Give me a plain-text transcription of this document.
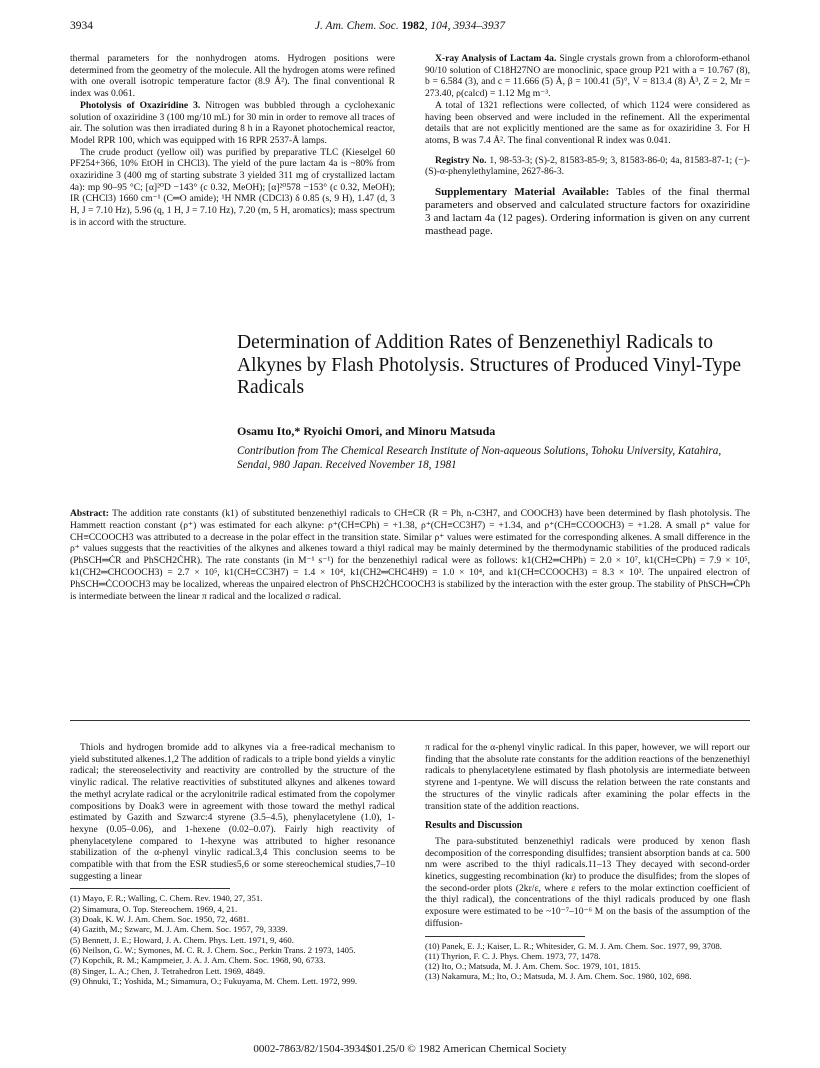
3934	J. Am. Chem. Soc. 1982, 104, 3934–3937

thermal parameters for the nonhydrogen atoms. Hydrogen positions were determined from the geometry of the molecule. All the hydrogen atoms were refined with one overall isotropic temperature factor (8.9 Å²). The final conventional R index was 0.061.

Photolysis of Oxaziridine 3. Nitrogen was bubbled through a cyclohexanic solution of oxaziridine 3 (100 mg/10 mL) for 30 min in order to remove all traces of air. The solution was then irradiated during 8 h in a Rayonet photochemical reactor, Model RPR 100, which was equipped with 16 RPR 2537-Å lamps.

The crude product (yellow oil) was purified by preparative TLC (Kieselgel 60 PF254+366, 10% EtOH in CHCl3). The yield of the pure lactam 4a is ~80% from oxaziridine 3 (400 mg of starting substrate 3 yielded 311 mg of crystallized lactam 4a): mp 90–95 °C; [α]²⁰D −143° (c 0.32, MeOH); [α]²⁰578 −153° (c 0.32, MeOH); IR (CHCl3) 1660 cm⁻¹ (C═O amide); ¹H NMR (CDCl3) δ 0.85 (s, 9 H), 1.47 (d, 3 H, J = 7.10 Hz), 5.96 (q, 1 H, J = 7.10 Hz), 7.20 (m, 5 H, aromatics); mass spectrum is in accord with the structure.

X-ray Analysis of Lactam 4a. Single crystals grown from a chloroform-ethanol 90/10 solution of C18H27NO are monoclinic, space group P21 with a = 10.767 (8), b = 6.584 (3), and c = 11.666 (5) Å, β = 100.41 (5)°, V = 813.4 (8) Å³, Z = 2, Mr = 273.40, ρ(calcd) = 1.12 Mg m⁻³.

A total of 1321 reflections were collected, of which 1124 were considered as having been observed and were included in the refinement. All the experimental details that are not explicitly mentioned are the same as for oxaziridine 3. For H atoms, B was 7.4 Å². The final conventional R index was 0.041.

Registry No. 1, 98-53-3; (S)-2, 81583-85-9; 3, 81583-86-0; 4a, 81583-87-1; (−)-(S)-α-phenylethylamine, 2627-86-3.

Supplementary Material Available: Tables of the final thermal parameters and observed and calculated structure factors for oxaziridine 3 and lactam 4a (12 pages). Ordering information is given on any current masthead page.

Determination of Addition Rates of Benzenethiyl Radicals to Alkynes by Flash Photolysis. Structures of Produced Vinyl-Type Radicals
Osamu Ito,* Ryoichi Omori, and Minoru Matsuda
Contribution from The Chemical Research Institute of Non-aqueous Solutions, Tohoku University, Katahira, Sendai, 980 Japan. Received November 18, 1981
Abstract: The addition rate constants (k1) of substituted benzenethiyl radicals to CH≡CR (R = Ph, n-C3H7, and COOCH3) have been determined by flash photolysis. The Hammett reaction constant (ρ⁺) was estimated for each alkyne: ρ⁺(CH≡CPh) = +1.38, ρ⁺(CH≡CC3H7) = +1.34, and ρ⁺(CH≡CCOOCH3) = +1.28. A small ρ⁺ value for CH≡CCOOCH3 was attributed to a decrease in the polar effect in the transition state. Similar ρ⁺ values were estimated for the corresponding alkenes. A small difference in the ρ⁺ values suggests that the reactivities of the alkynes and alkenes toward a thiyl radical may be mainly determined by the thermodynamic stabilities of the produced radicals (PhSCH═ĊR and PhSCH2ĊHR). The rate constants (in M⁻¹ s⁻¹) for the benzenethiyl radical were as follows: k1(CH2═CHPh) = 2.0 × 10⁷, k1(CH≡CPh) = 7.9 × 10⁵, k1(CH2═CHCOOCH3) = 2.7 × 10⁵, k1(CH≡CC3H7) = 1.4 × 10⁴, k1(CH2═CHC4H9) = 1.0 × 10⁴, and k1(CH≡CCOOCH3) = 8.3 × 10³. The unpaired electron of PhSCH═ĊCOOCH3 may be localized, whereas the unpaired electron of PhSCH2ĊHCOOCH3 is stabilized by the interaction with the ester group. The stability of PhSCH═ĊPh is intermediate between the linear π radical and the localized σ radical.

Thiols and hydrogen bromide add to alkynes via a free-radical mechanism to yield substituted alkenes.1,2 The addition of radicals to a triple bond yields a vinylic radical; the stereoselectivity and reactivity are controlled by the structure of the vinylic radical. The relative reactivities of substituted alkynes and alkenes toward the methyl acrylate radical or the acrylonitrile radical estimated from the copolymer compositions by Doak3 were in agreement with those toward the methyl radical estimated by Gazith and Szwarc:4 styrene (3.5–4.5), phenylacetylene (1.0), 1-hexyne (0.05–0.06), and 1-hexene (0.02–0.07). Fairly high reactivity of phenylacetylene compared to 1-hexyne was attributed to higher resonance stabilization of the α-phenyl vinylic radical.3,4 This conclusion seems to be compatible with that from the ESR studies5,6 or some stereochemical studies,7–10 suggesting a linear

(1) Mayo, F. R.; Walling, C. Chem. Rev. 1940, 27, 351.
(2) Simamura, O. Top. Stereochem. 1969, 4, 21.
(3) Doak, K. W. J. Am. Chem. Soc. 1950, 72, 4681.
(4) Gazith, M.; Szwarc, M. J. Am. Chem. Soc. 1957, 79, 3339.
(5) Bennett, J. E.; Howard, J. A. Chem. Phys. Lett. 1971, 9, 460.
(6) Neilson, G. W.; Symones, M. C. R. J. Chem. Soc., Perkin Trans. 2 1973, 1405.
(7) Kopchik, R. M.; Kampmeier, J. A. J. Am. Chem. Soc. 1968, 90, 6733.
(8) Singer, L. A.; Chen, J. Tetrahedron Lett. 1969, 4849.
(9) Ohnuki, T.; Yoshida, M.; Simamura, O.; Fukuyama, M. Chem. Lett. 1972, 999.

π radical for the α-phenyl vinylic radical. In this paper, however, we will report our finding that the absolute rate constants for the addition reactions of the benzenethiyl radicals to phenylacetylene estimated by flash photolysis are intermediate between styrene and 1-pentyne. We will discuss the relation between the rate constants and the structures of the vinylic radicals after examining the polar effects in the transition state of the addition reactions.

Results and Discussion

The para-substituted benzenethiyl radicals were produced by xenon flash decomposition of the corresponding disulfides; transient absorption bands at ca. 500 nm were ascribed to the thiyl radicals.11–13 They decayed with second-order kinetics, suggesting recombination (kr) to produce the disulfides; from the slopes of the second-order plots (2kr/ε, where ε refers to the molar extinction coefficient of the thiyl radical), the concentrations of the thiyl radicals produced by one flash exposure were estimated to be ~10⁻⁷–10⁻⁶ M on the basis of the assumption of the diffusion-

(10) Panek, E. J.; Kaiser, L. R.; Whitesider, G. M. J. Am. Chem. Soc. 1977, 99, 3708.
(11) Thyrion, F. C. J. Phys. Chem. 1973, 77, 1478.
(12) Ito, O.; Matsuda, M. J. Am. Chem. Soc. 1979, 101, 1815.
(13) Nakamura, M.; Ito, O.; Matsuda, M. J. Am. Chem. Soc. 1980, 102, 698.
0002-7863/82/1504-3934$01.25/0 © 1982 American Chemical Society
